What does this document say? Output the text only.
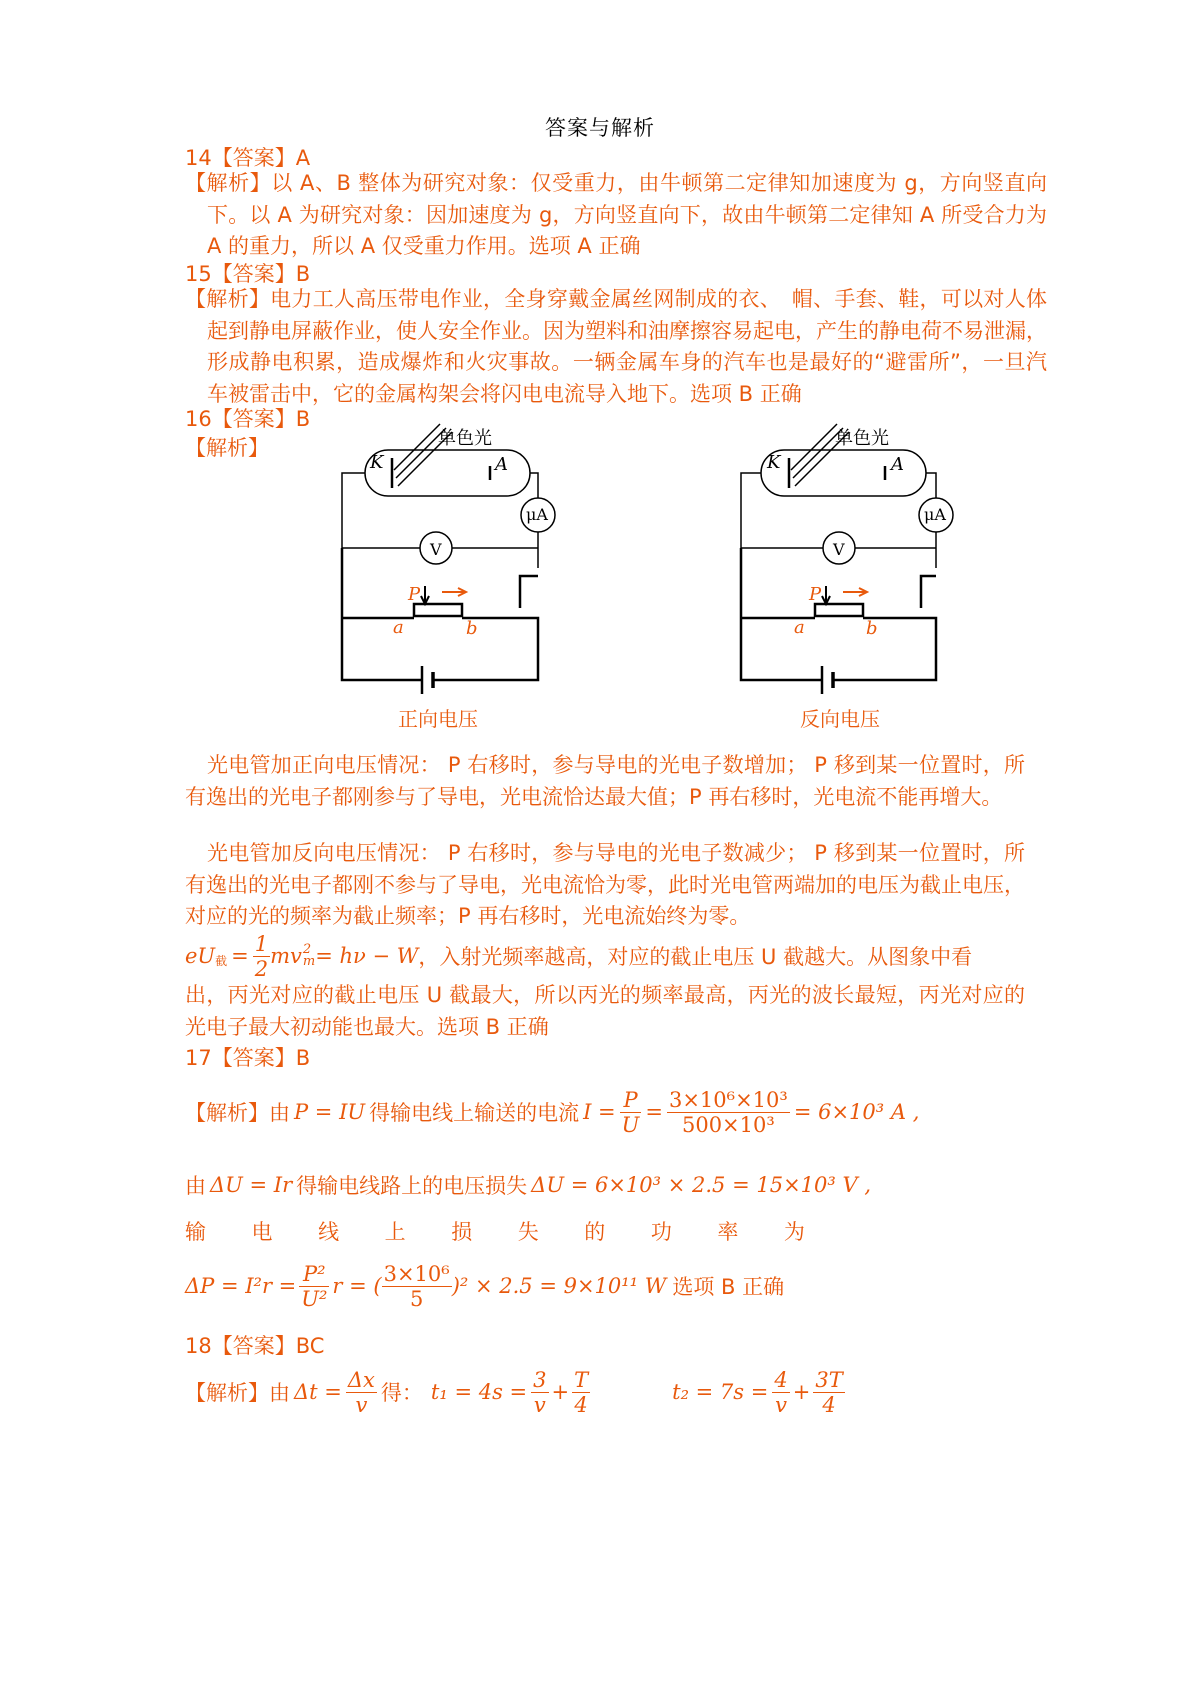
答案与解析
14【答案】A
【解析】以 A、B 整体为研究对象：仅受重力，由牛顿第二定律知加速度为 g，方向竖直向下。以 A 为研究对象：因加速度为 g，方向竖直向下，故由牛顿第二定律知 A 所受合力为 A 的重力，所以 A 仅受重力作用。选项 A 正确
15【答案】B
【解析】电力工人高压带电作业，全身穿戴金属丝网制成的衣、　帽、手套、鞋，可以对人体起到静电屏蔽作业，使人安全作业。因为塑料和油摩擦容易起电，产生的静电荷不易泄漏，形成静电积累，造成爆炸和火灾事故。一辆金属车身的汽车也是最好的“避雷所”，一旦汽车被雷击中，它的金属构架会将闪电电流导入地下。选项 B 正确
16【答案】B
【解析】	单色光
K	A
μA
V
P
a	b
正向电压
单色光
K	A
μA
V
P
a	b
反向电压
光电管加正向电压情况： P 右移时，参与导电的光电子数增加； P 移到某一位置时，所有逸出的光电子都刚参与了导电，光电流恰达最大值；P 再右移时，光电流不能再增大。
光电管加反向电压情况： P 右移时，参与导电的光电子数减少； P 移到某一位置时，所有逸出的光电子都刚不参与了导电，光电流恰为零，此时光电管两端加的电压为截止电压，对应的光的频率为截止频率；P 再右移时，光电流始终为零。
$eU_截 = \frac{1}{2}$ mv 2
m = hν − W ，入射光频率越高，对应的截止电压 U 截越大。从图象中看
出，丙光对应的截止电压 U 截最大，所以丙光的频率最高，丙光的波长最短，丙光对应的光电子最大初动能也最大。选项 B 正确
17【答案】B
【解析】由 P = IU 得输电线上输送的电流 $I = \frac{P}{U} = \frac{\text{3×10⁶×10³}}{\text{500×10³}} = 6\times 10^3$ A ,
由 ΔU = Ir 得输电线路上的电压损失 ΔU = 6×10³ × 2.5 = 15×10³ V ,
输 电 线 上 损 失 的 功 率 为
$\Delta P = I^2r = \frac{\text{P²}}{\text{U²}}$ r = ( $\frac{\text{3×10⁶}}{5} )^2 \times 2.5 = 9\times 10^{11}$ W 选项 B 正确
18【答案】BC
【解析】由 $\Delta t = \frac{\Delta x}{v}$ 得： $t_1 = 4s = \frac{3}{v} + \frac{T}{4}$	$t_2 = 7s = \frac{4}{v} + \frac{3T}{4}$
